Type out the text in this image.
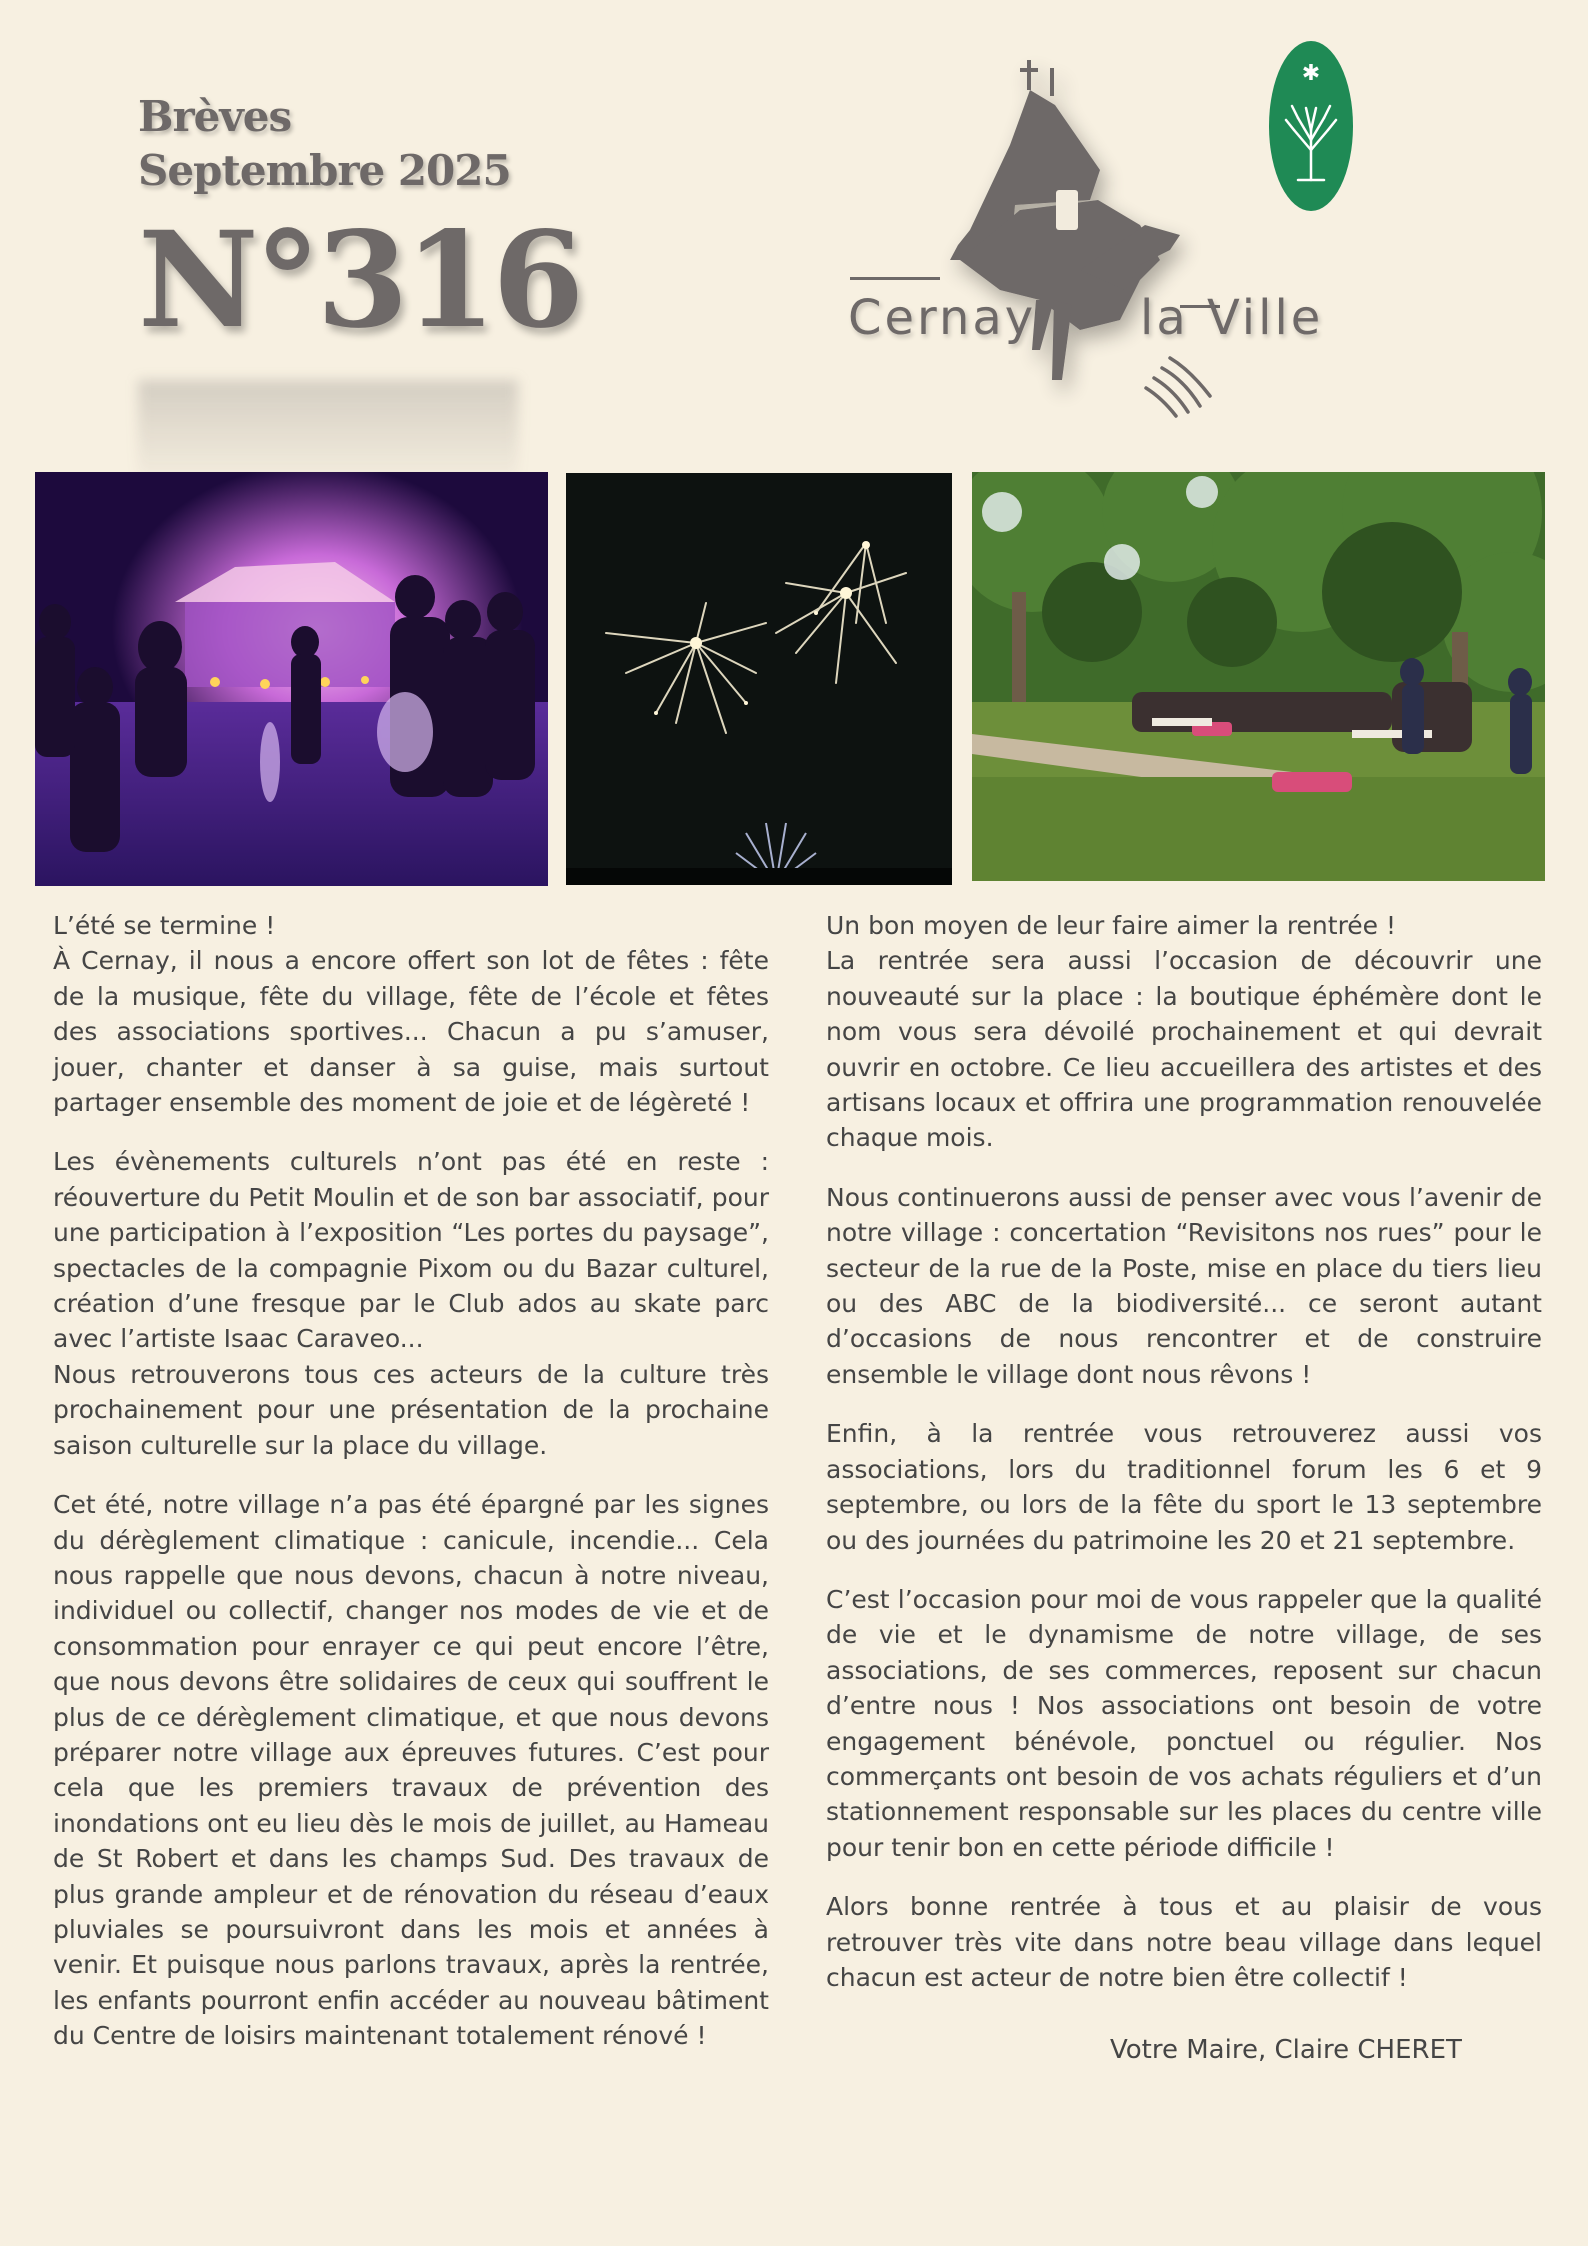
Brèves
Septembre 2025
N°316	Cernay la Ville
✱

L’été se termine !

À Cernay, il nous a encore offert son lot de fêtes : fête de la musique, fête du village, fête de l’école et fêtes des associations sportives... Chacun a pu s’amuser, jouer, chanter et danser à sa guise, mais surtout partager ensemble des moment de joie et de légèreté !

Les évènements culturels n’ont pas été en reste : réouverture du Petit Moulin et de son bar associatif, pour une participation à l’exposition “Les portes du paysage”, spectacles de la compagnie Pixom ou du Bazar culturel, création d’une fresque par le Club ados au skate parc avec l’artiste Isaac Caraveo...

Nous retrouverons tous ces acteurs de la culture très prochainement pour une présentation de la prochaine saison culturelle sur la place du village.

Cet été, notre village n’a pas été épargné par les signes du dérèglement climatique : canicule, incendie... Cela nous rappelle que nous devons, chacun à notre niveau, individuel ou collectif, changer nos modes de vie et de consommation pour enrayer ce qui peut encore l’être, que nous devons être solidaires de ceux qui souffrent le plus de ce dérèglement climatique, et que nous devons préparer notre village aux épreuves futures. C’est pour cela que les premiers travaux de prévention des inondations ont eu lieu dès le mois de juillet, au Hameau de St Robert et dans les champs Sud. Des travaux de plus grande ampleur et de rénovation du réseau d’eaux pluviales se poursuivront dans les mois et années à venir. Et puisque nous parlons travaux, après la rentrée, les enfants pourront enfin accéder au nouveau bâtiment du Centre de loisirs maintenant totalement rénové !

Un bon moyen de leur faire aimer la rentrée !

La rentrée sera aussi l’occasion de découvrir une nouveauté sur la place : la boutique éphémère dont le nom vous sera dévoilé prochainement et qui devrait ouvrir en octobre. Ce lieu accueillera des artistes et des artisans locaux et offrira une programmation renouvelée chaque mois.

Nous continuerons aussi de penser avec vous l’avenir de notre village : concertation “Revisitons nos rues” pour le secteur de la rue de la Poste, mise en place du tiers lieu ou des ABC de la biodiversité... ce seront autant d’occasions de nous rencontrer et de construire ensemble le village dont nous rêvons !

Enfin, à la rentrée vous retrouverez aussi vos associations, lors du traditionnel forum les 6 et 9 septembre, ou lors de la fête du sport le 13 septembre ou des journées du patrimoine les 20 et 21 septembre.

C’est l’occasion pour moi de vous rappeler que la qualité de vie et le dynamisme de notre village, de ses associations, de ses commerces, reposent sur chacun d’entre nous ! Nos associations ont besoin de votre engagement bénévole, ponctuel ou régulier. Nos commerçants ont besoin de vos achats réguliers et d’un stationnement responsable sur les places du centre ville pour tenir bon en cette période difficile !

Alors bonne rentrée à tous et au plaisir de vous retrouver très vite dans notre beau village dans lequel chacun est acteur de notre bien être collectif !

Votre Maire, Claire CHERET
